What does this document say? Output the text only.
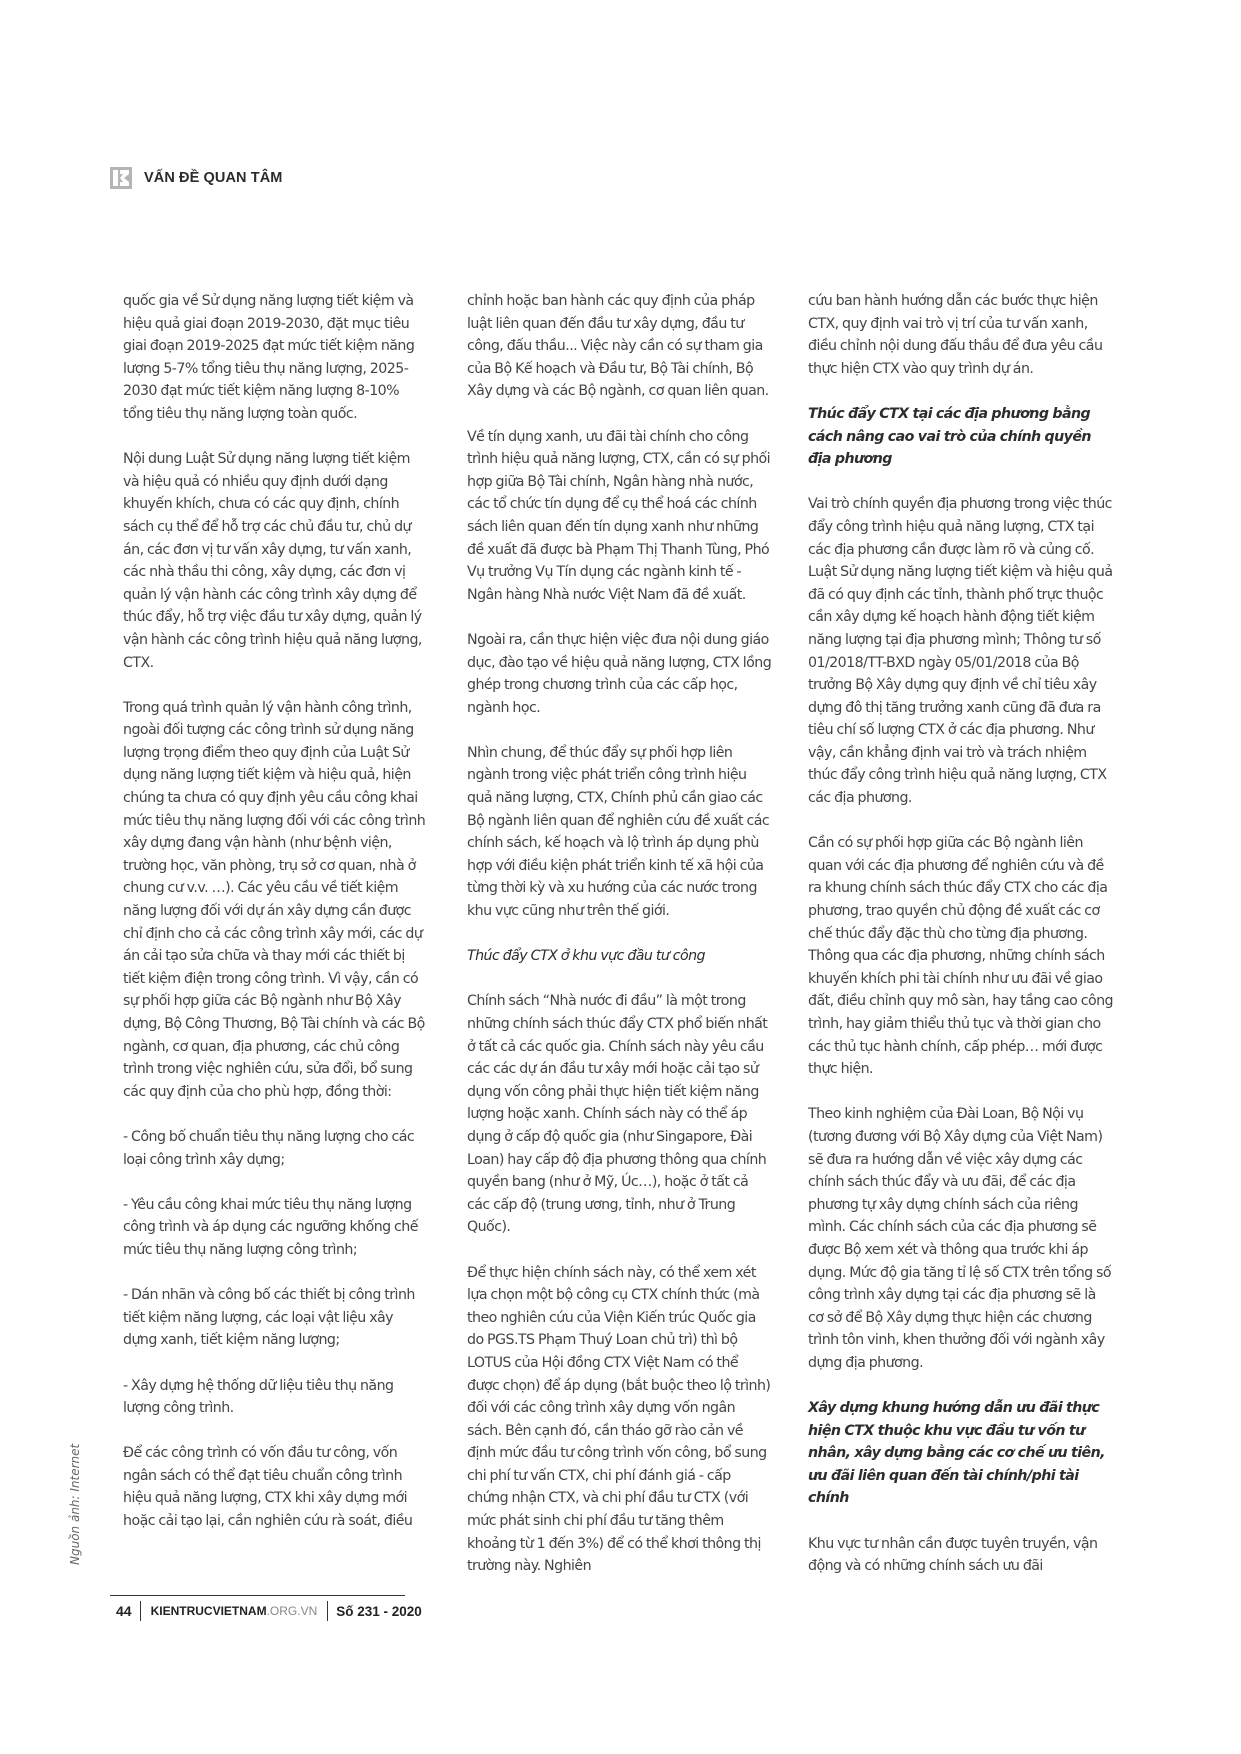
VẤN ĐỀ QUAN TÂM

quốc gia về Sử dụng năng lượng tiết kiệm và hiệu quả giai đoạn 2019-2030, đặt mục tiêu giai đoạn 2019-2025 đạt mức tiết kiệm năng lượng 5-7% tổng tiêu thụ năng lượng, 2025-2030 đạt mức tiết kiệm năng lượng 8-10% tổng tiêu thụ năng lượng toàn quốc.

Nội dung Luật Sử dụng năng lượng tiết kiệm và hiệu quả có nhiều quy định dưới dạng khuyến khích, chưa có các quy định, chính sách cụ thể để hỗ trợ các chủ đầu tư, chủ dự án, các đơn vị tư vấn xây dựng, tư vấn xanh, các nhà thầu thi công, xây dựng, các đơn vị quản lý vận hành các công trình xây dựng để thúc đẩy, hỗ trợ việc đầu tư xây dựng, quản lý vận hành các công trình hiệu quả năng lượng, CTX.

Trong quá trình quản lý vận hành công trình, ngoài đối tượng các công trình sử dụng năng lượng trọng điểm theo quy định của Luật Sử dụng năng lượng tiết kiệm và hiệu quả, hiện chúng ta chưa có quy định yêu cầu công khai mức tiêu thụ năng lượng đối với các công trình xây dựng đang vận hành (như bệnh viện, trường học, văn phòng, trụ sở cơ quan, nhà ở chung cư v.v. …). Các yêu cầu về tiết kiệm năng lượng đối với dự án xây dựng cần được chỉ định cho cả các công trình xây mới, các dự án cải tạo sửa chữa và thay mới các thiết bị tiết kiệm điện trong công trình. Vì vậy, cần có sự phối hợp giữa các Bộ ngành như Bộ Xây dựng, Bộ Công Thương, Bộ Tài chính và các Bộ ngành, cơ quan, địa phương, các chủ công trình trong việc nghiên cứu, sửa đổi, bổ sung các quy định của cho phù hợp, đồng thời:

- Công bố chuẩn tiêu thụ năng lượng cho các loại công trình xây dựng;

- Yêu cầu công khai mức tiêu thụ năng lượng công trình và áp dụng các ngưỡng khống chế mức tiêu thụ năng lượng công trình;

- Dán nhãn và công bố các thiết bị công trình tiết kiệm năng lượng, các loại vật liệu xây dựng xanh, tiết kiệm năng lượng;

- Xây dựng hệ thống dữ liệu tiêu thụ năng lượng công trình.

Để các công trình có vốn đầu tư công, vốn ngân sách có thể đạt tiêu chuẩn công trình hiệu quả năng lượng, CTX khi xây dựng mới hoặc cải tạo lại, cần nghiên cứu rà soát, điều

chỉnh hoặc ban hành các quy định của pháp luật liên quan đến đầu tư xây dựng, đầu tư công, đấu thầu... Việc này cần có sự tham gia của Bộ Kế hoạch và Đầu tư, Bộ Tài chính, Bộ Xây dựng và các Bộ ngành, cơ quan liên quan.

Về tín dụng xanh, ưu đãi tài chính cho công trình hiệu quả năng lượng, CTX, cần có sự phối hợp giữa Bộ Tài chính, Ngân hàng nhà nước, các tổ chức tín dụng để cụ thể hoá các chính sách liên quan đến tín dụng xanh như những đề xuất đã được bà Phạm Thị Thanh Tùng, Phó Vụ trưởng Vụ Tín dụng các ngành kinh tế - Ngân hàng Nhà nước Việt Nam đã đề xuất.

Ngoài ra, cần thực hiện việc đưa nội dung giáo dục, đào tạo về hiệu quả năng lượng, CTX lồng ghép trong chương trình của các cấp học, ngành học.

Nhìn chung, để thúc đẩy sự phối hợp liên ngành trong việc phát triển công trình hiệu quả năng lượng, CTX, Chính phủ cần giao các Bộ ngành liên quan để nghiên cứu đề xuất các chính sách, kế hoạch và lộ trình áp dụng phù hợp với điều kiện phát triển kinh tế xã hội của từng thời kỳ và xu hướng của các nước trong khu vực cũng như trên thế giới.

Thúc đẩy CTX ở khu vực đầu tư công

Chính sách “Nhà nước đi đầu” là một trong những chính sách thúc đẩy CTX phổ biến nhất ở tất cả các quốc gia. Chính sách này yêu cầu các các dự án đầu tư xây mới hoặc cải tạo sử dụng vốn công phải thực hiện tiết kiệm năng lượng hoặc xanh. Chính sách này có thể áp dụng ở cấp độ quốc gia (như Singapore, Đài Loan) hay cấp độ địa phương thông qua chính quyền bang (như ở Mỹ, Úc…), hoặc ở tất cả các cấp độ (trung ương, tỉnh, như ở Trung Quốc).

Để thực hiện chính sách này, có thể xem xét lựa chọn một bộ công cụ CTX chính thức (mà theo nghiên cứu của Viện Kiến trúc Quốc gia do PGS.TS Phạm Thuý Loan chủ trì) thì bộ LOTUS của Hội đồng CTX Việt Nam có thể được chọn) để áp dụng (bắt buộc theo lộ trình) đối với các công trình xây dựng vốn ngân sách. Bên cạnh đó, cần tháo gỡ rào cản về định mức đầu tư công trình vốn công, bổ sung chi phí tư vấn CTX, chi phí đánh giá - cấp chứng nhận CTX, và chi phí đầu tư CTX (với mức phát sinh chi phí đầu tư tăng thêm khoảng từ 1 đến 3%) để có thể khơi thông thị trường này. Nghiên

cứu ban hành hướng dẫn các bước thực hiện CTX, quy định vai trò vị trí của tư vấn xanh, điều chỉnh nội dung đấu thầu để đưa yêu cầu thực hiện CTX vào quy trình dự án.

Thúc đẩy CTX tại các địa phương bằng cách nâng cao vai trò của chính quyền địa phương

Vai trò chính quyền địa phương trong việc thúc đẩy công trình hiệu quả năng lượng, CTX tại các địa phương cần được làm rõ và củng cố. Luật Sử dụng năng lượng tiết kiệm và hiệu quả đã có quy định các tỉnh, thành phố trực thuộc cần xây dựng kế hoạch hành động tiết kiệm năng lượng tại địa phương mình; Thông tư số 01/2018/TT-BXD ngày 05/01/2018 của Bộ trưởng Bộ Xây dựng quy định về chỉ tiêu xây dựng đô thị tăng trưởng xanh cũng đã đưa ra tiêu chí số lượng CTX ở các địa phương. Như vậy, cần khẳng định vai trò và trách nhiệm thúc đẩy công trình hiệu quả năng lượng, CTX các địa phương.

Cần có sự phối hợp giữa các Bộ ngành liên quan với các địa phương để nghiên cứu và đề ra khung chính sách thúc đẩy CTX cho các địa phương, trao quyền chủ động đề xuất các cơ chế thúc đẩy đặc thù cho từng địa phương. Thông qua các địa phương, những chính sách khuyến khích phi tài chính như ưu đãi về giao đất, điều chỉnh quy mô sàn, hay tầng cao công trình, hay giảm thiểu thủ tục và thời gian cho các thủ tục hành chính, cấp phép… mới được thực hiện.

Theo kinh nghiệm của Đài Loan, Bộ Nội vụ (tương đương với Bộ Xây dựng của Việt Nam) sẽ đưa ra hướng dẫn về việc xây dựng các chính sách thúc đẩy và ưu đãi, để các địa phương tự xây dựng chính sách của riêng mình. Các chính sách của các địa phương sẽ được Bộ xem xét và thông qua trước khi áp dụng. Mức độ gia tăng tỉ lệ số CTX trên tổng số công trình xây dựng tại các địa phương sẽ là cơ sở để Bộ Xây dựng thực hiện các chương trình tôn vinh, khen thưởng đối với ngành xây dựng địa phương.

Xây dựng khung hướng dẫn ưu đãi thực hiện CTX thuộc khu vực đầu tư vốn tư nhân, xây dựng bằng các cơ chế ưu tiên, ưu đãi liên quan đến tài chính/phi tài chính

Khu vực tư nhân cần được tuyên truyền, vận động và có những chính sách ưu đãi

Nguồn ảnh: Internet
44	KIENTRUCVIETNAM.ORG.VN	Số 231 - 2020
